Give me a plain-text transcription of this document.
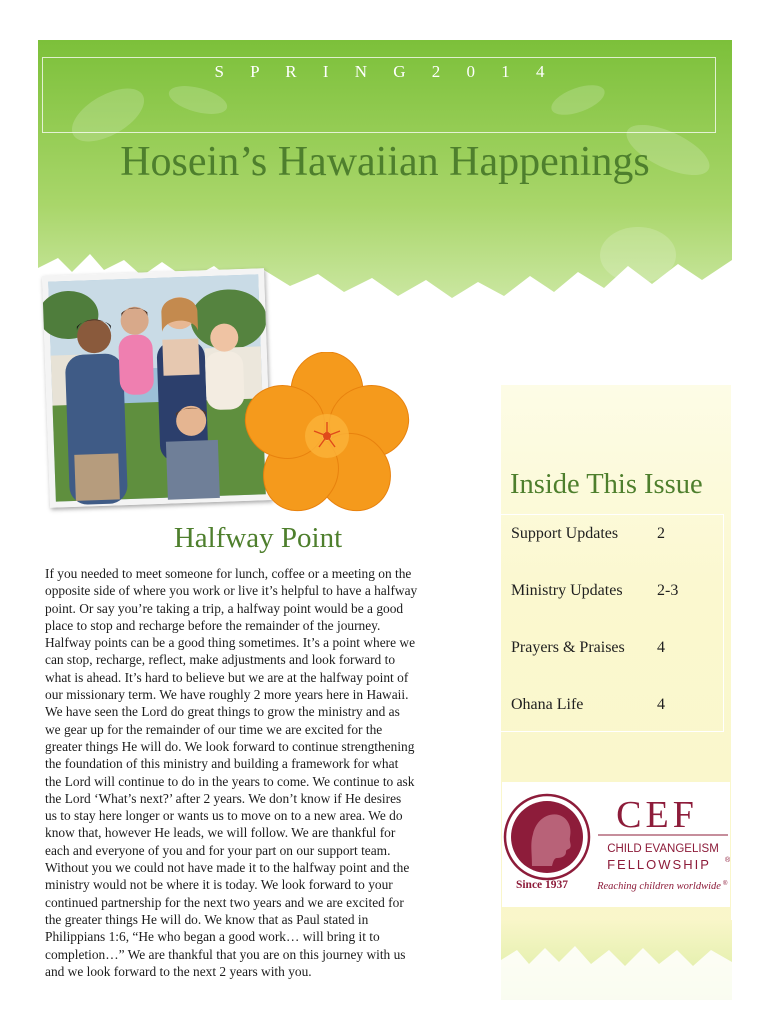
S P R I N G 2 0 1 4
Hosein’s Hawaiian Happenings
Inside This Issue
Support Updates 2
Ministry Updates 2-3
Prayers & Praises 4
Ohana Life	4
Since 1937
CEF
CHILD EVANGELISM
FELLOWSHIP ®
Reaching children worldwide ®
Halfway Point
If you needed to meet someone for lunch, coffee or a meeting on the
opposite side of where you work or live it’s helpful to have a halfway
point. Or say you’re taking a trip, a halfway point would be a good
place to stop and recharge before the remainder of the journey.
Halfway points can be a good thing sometimes. It’s a point where we
can stop, recharge, reflect, make adjustments and look forward to
what is ahead. It’s hard to believe but we are at the halfway point of
our missionary term. We have roughly 2 more years here in Hawaii.
We have seen the Lord do great things to grow the ministry and as
we gear up for the remainder of our time we are excited for the
greater things He will do. We look forward to continue strengthening
the foundation of this ministry and building a framework for what
the Lord will continue to do in the years to come. We continue to ask
the Lord ‘What’s next?’ after 2 years. We don’t know if He desires
us to stay here longer or wants us to move on to a new area. We do
know that, however He leads, we will follow. We are thankful for
each and everyone of you and for your part on our support team.
Without you we could not have made it to the halfway point and the
ministry would not be where it is today. We look forward to your
continued partnership for the next two years and we are excited for
the greater things He will do. We know that as Paul stated in
Philippians 1:6, “He who began a good work… will bring it to
completion…” We are thankful that you are on this journey with us
and we look forward to the next 2 years with you.
